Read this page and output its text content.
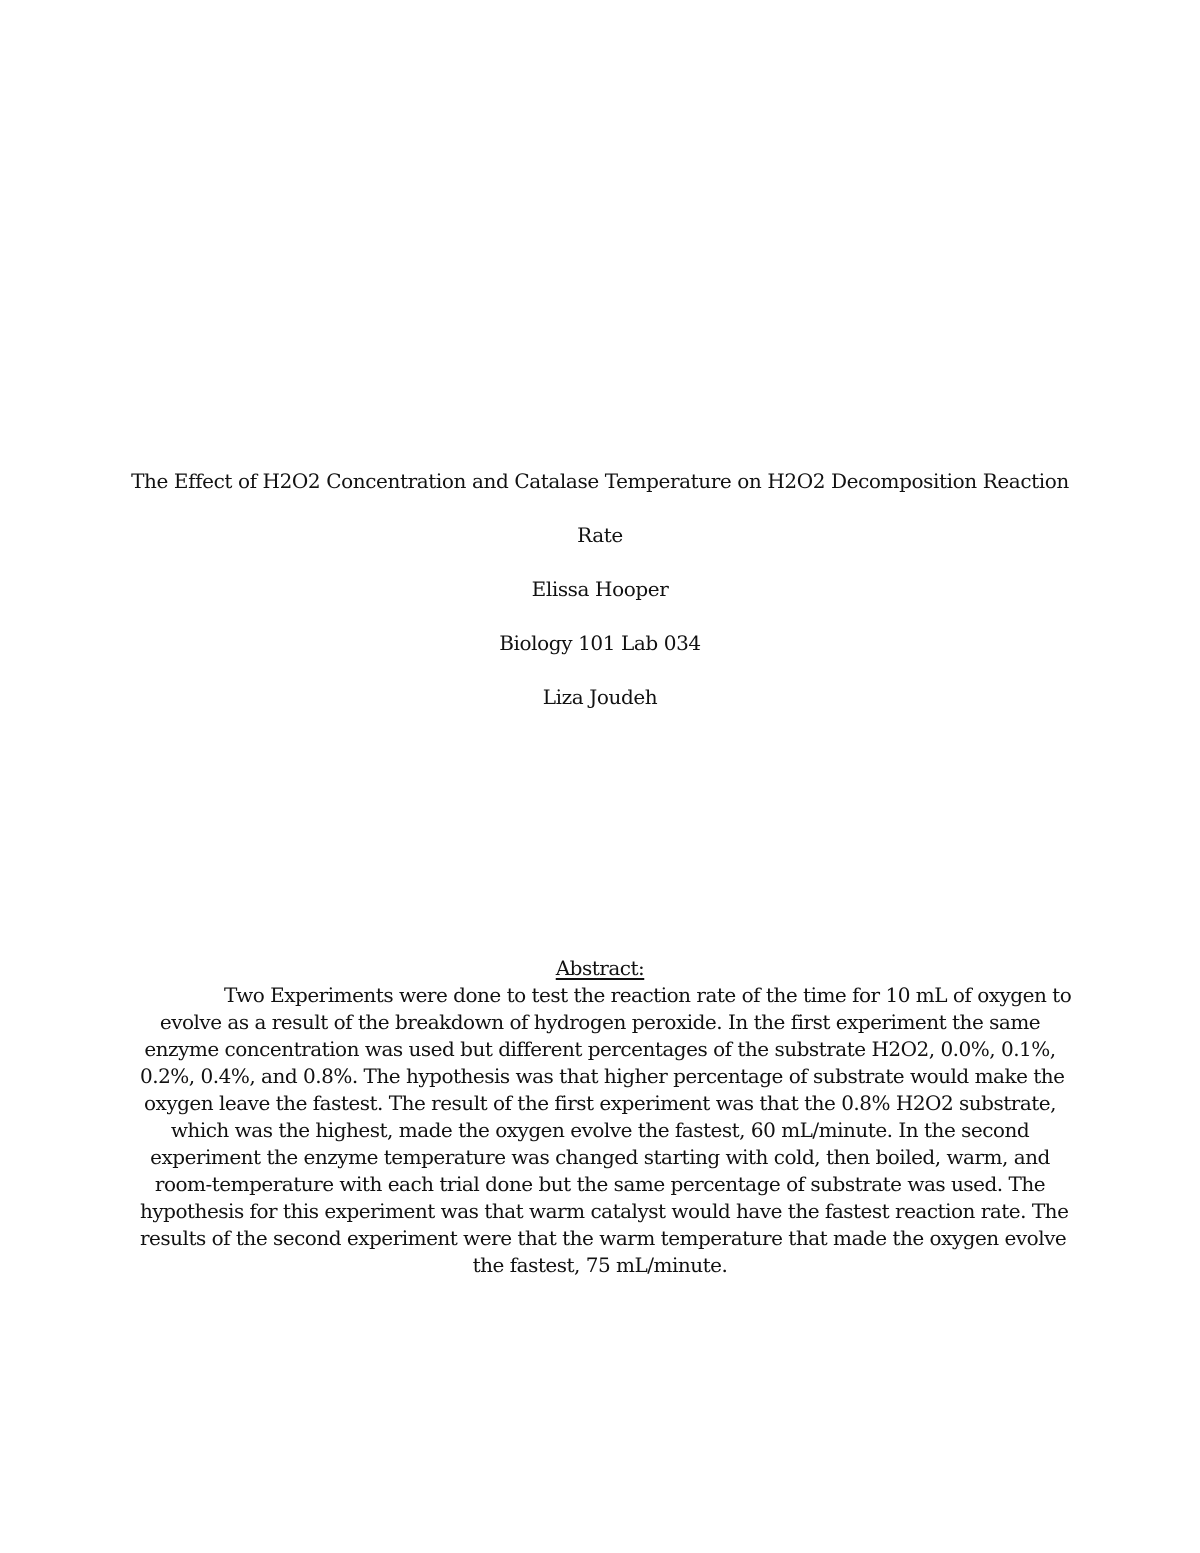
The Effect of H2O2 Concentration and Catalase Temperature on H2O2 Decomposition Reaction
Rate
Elissa Hooper
Biology 101 Lab 034
Liza Joudeh
Abstract:
Two Experiments were done to test the reaction rate of the time for 10 mL of oxygen to
evolve as a result of the breakdown of hydrogen peroxide. In the first experiment the same
enzyme concentration was used but different percentages of the substrate H2O2, 0.0%, 0.1%,
0.2%, 0.4%, and 0.8%. The hypothesis was that higher percentage of substrate would make the
oxygen leave the fastest. The result of the first experiment was that the 0.8% H2O2 substrate,
which was the highest, made the oxygen evolve the fastest, 60 mL/minute. In the second
experiment the enzyme temperature was changed starting with cold, then boiled, warm, and
room-temperature with each trial done but the same percentage of substrate was used. The
hypothesis for this experiment was that warm catalyst would have the fastest reaction rate. The
results of the second experiment were that the warm temperature that made the oxygen evolve
the fastest, 75 mL/minute.
